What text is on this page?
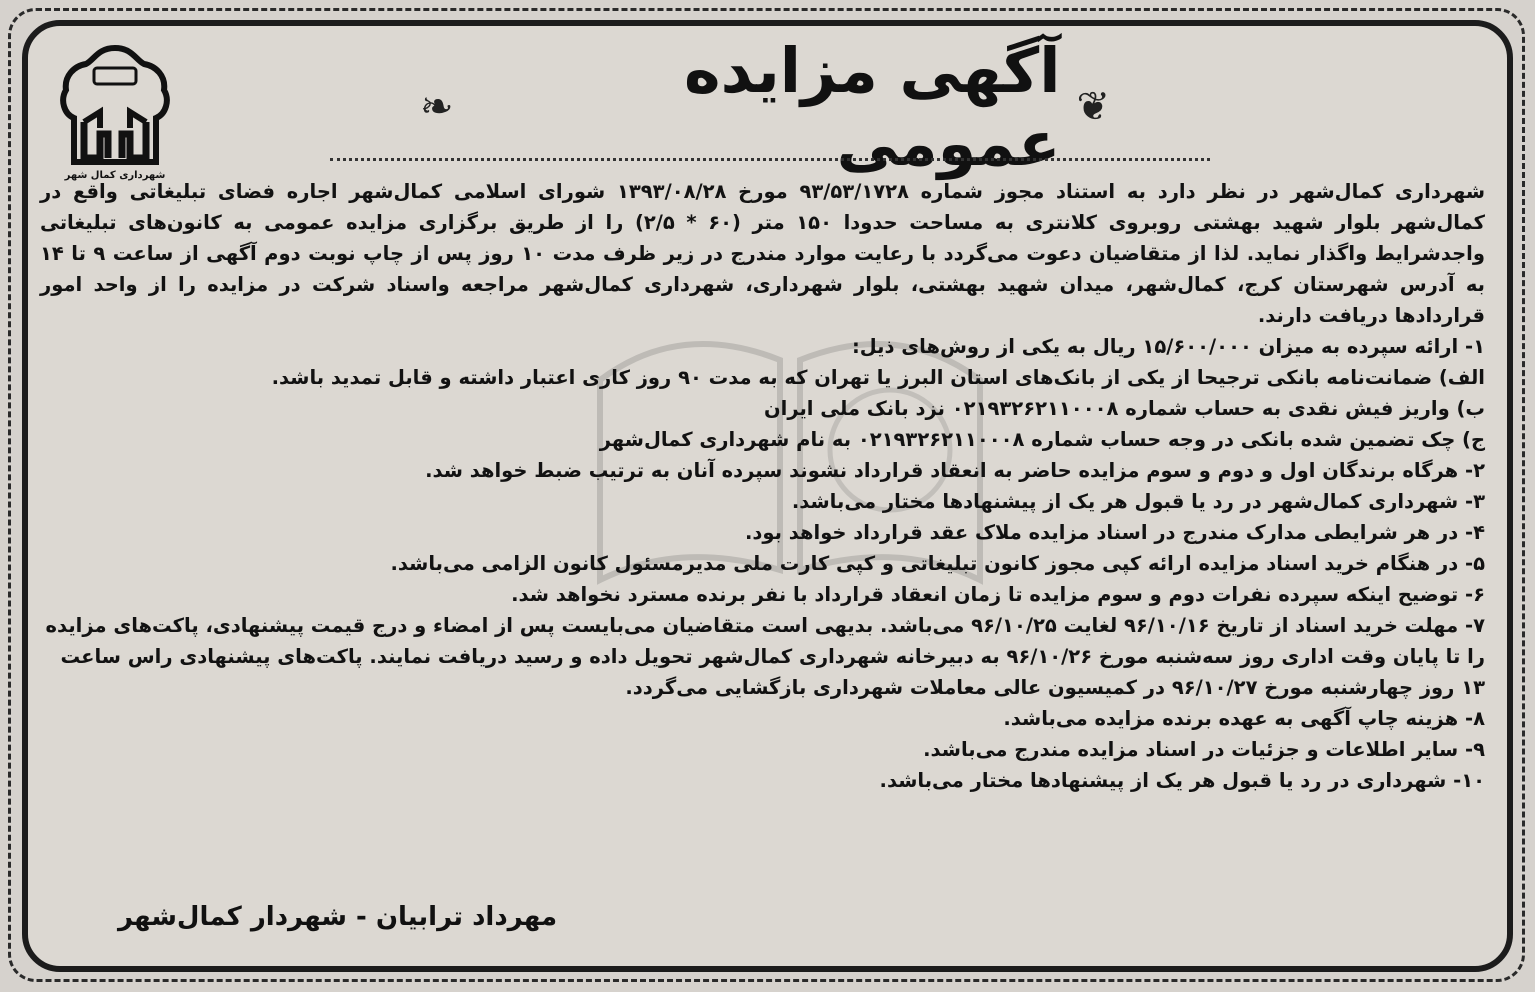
شهرداری کمال شهر
❦
آگهی مزایده عمومی
❧

شهرداری کمال‌شهر در نظر دارد به استناد مجوز شماره ۹۳/۵۳/۱۷۲۸ مورخ ۱۳۹۳/۰۸/۲۸ شورای اسلامی کمال‌شهر اجاره فضای تبلیغاتی واقع در کمال‌شهر بلوار شهید بهشتی روبروی کلانتری به مساحت حدودا ۱۵۰ متر (۶۰ * ۲/۵) را از طریق برگزاری مزایده عمومی به کانون‌های تبلیغاتی واجدشرایط واگذار نماید. لذا از متقاضیان دعوت می‌گردد با رعایت موارد مندرج در زیر ظرف مدت ۱۰ روز پس از چاپ نوبت دوم آگهی از ساعت ۹ تا ۱۴ به آدرس شهرستان کرج، کمال‌شهر، میدان شهید بهشتی، بلوار شهرداری، شهرداری کمال‌شهر مراجعه واسناد شرکت در مزایده را از واحد امور قراردادها دریافت دارند.

۱- ارائه سپرده به میزان ۱۵/۶۰۰/۰۰۰ ریال به یکی از روش‌های ذیل:

الف) ضمانت‌نامه بانکی ترجیحا از یکی از بانک‌های استان البرز یا تهران که به مدت ۹۰ روز کاری اعتبار داشته و قابل تمدید باشد.

ب) واریز فیش نقدی به حساب شماره ۰۲۱۹۳۲۶۲۱۱۰۰۰۸ نزد بانک ملی ایران

ج) چک تضمین شده بانکی در وجه حساب شماره ۰۲۱۹۳۲۶۲۱۱۰۰۰۸ به نام شهرداری کمال‌شهر

۲- هرگاه برندگان اول و دوم و سوم مزایده حاضر به انعقاد قرارداد نشوند سپرده آنان به ترتیب ضبط خواهد شد.

۳- شهرداری کمال‌شهر در رد یا قبول هر یک از پیشنهادها مختار می‌باشد.

۴- در هر شرایطی مدارک مندرج در اسناد مزایده ملاک عقد قرارداد خواهد بود.

۵- در هنگام خرید اسناد مزایده ارائه کپی مجوز کانون تبلیغاتی و کپی کارت ملی مدیرمسئول کانون الزامی می‌باشد.

۶- توضیح اینکه سپرده نفرات دوم و سوم مزایده تا زمان انعقاد قرارداد با نفر برنده مسترد نخواهد شد.

۷- مهلت خرید اسناد از تاریخ ۹۶/۱۰/۱۶ لغایت ۹۶/۱۰/۲۵ می‌باشد. بدیهی است متقاضیان می‌بایست پس از امضاء و درج قیمت پیشنهادی، پاکت‌های مزایده را تا پایان وقت اداری روز سه‌شنبه مورخ ۹۶/۱۰/۲۶ به دبیرخانه شهرداری کمال‌شهر تحویل داده و رسید دریافت نمایند. پاکت‌های پیشنهادی راس ساعت ۱۳ روز چهارشنبه مورخ ۹۶/۱۰/۲۷ در کمیسیون عالی معاملات شهرداری بازگشایی می‌گردد.

۸- هزینه چاپ آگهی به عهده برنده مزایده می‌باشد.

۹- سایر اطلاعات و جزئیات در اسناد مزایده مندرج می‌باشد.

۱۰- شهرداری در رد یا قبول هر یک از پیشنهادها مختار می‌باشد.

مهرداد ترابیان - شهردار کمال‌شهر
